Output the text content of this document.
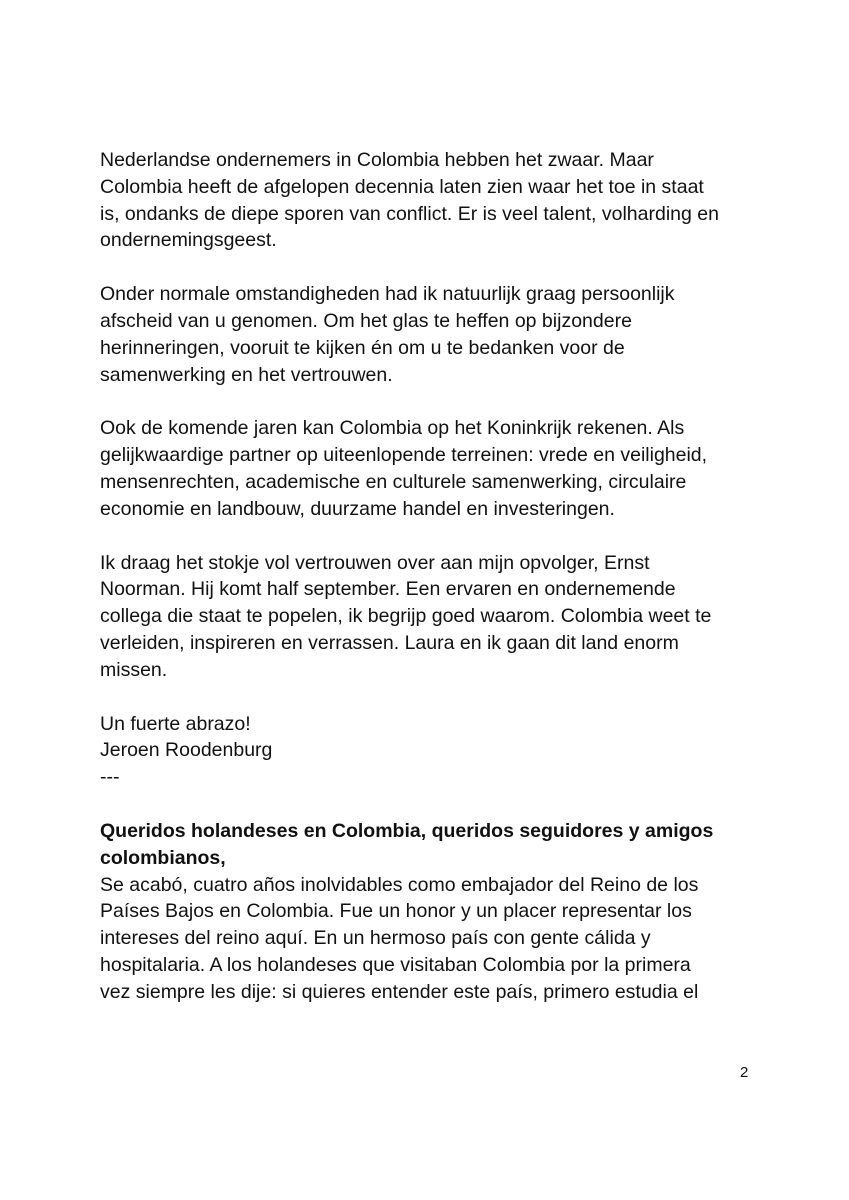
Nederlandse ondernemers in Colombia hebben het zwaar. Maar
Colombia heeft de afgelopen decennia laten zien waar het toe in staat
is, ondanks de diepe sporen van conflict. Er is veel talent, volharding en
ondernemingsgeest.

Onder normale omstandigheden had ik natuurlijk graag persoonlijk
afscheid van u genomen. Om het glas te heffen op bijzondere
herinneringen, vooruit te kijken én om u te bedanken voor de
samenwerking en het vertrouwen.

Ook de komende jaren kan Colombia op het Koninkrijk rekenen. Als
gelijkwaardige partner op uiteenlopende terreinen: vrede en veiligheid,
mensenrechten, academische en culturele samenwerking, circulaire
economie en landbouw, duurzame handel en investeringen.

Ik draag het stokje vol vertrouwen over aan mijn opvolger, Ernst
Noorman. Hij komt half september. Een ervaren en ondernemende
collega die staat te popelen, ik begrijp goed waarom. Colombia weet te
verleiden, inspireren en verrassen. Laura en ik gaan dit land enorm
missen.

Un fuerte abrazo!
Jeroen Roodenburg
---

Queridos holandeses en Colombia, queridos seguidores y amigos
colombianos,
Se acabó, cuatro años inolvidables como embajador del Reino de los
Países Bajos en Colombia. Fue un honor y un placer representar los
intereses del reino aquí. En un hermoso país con gente cálida y
hospitalaria. A los holandeses que visitaban Colombia por la primera
vez siempre les dije: si quieres entender este país, primero estudia el
2
